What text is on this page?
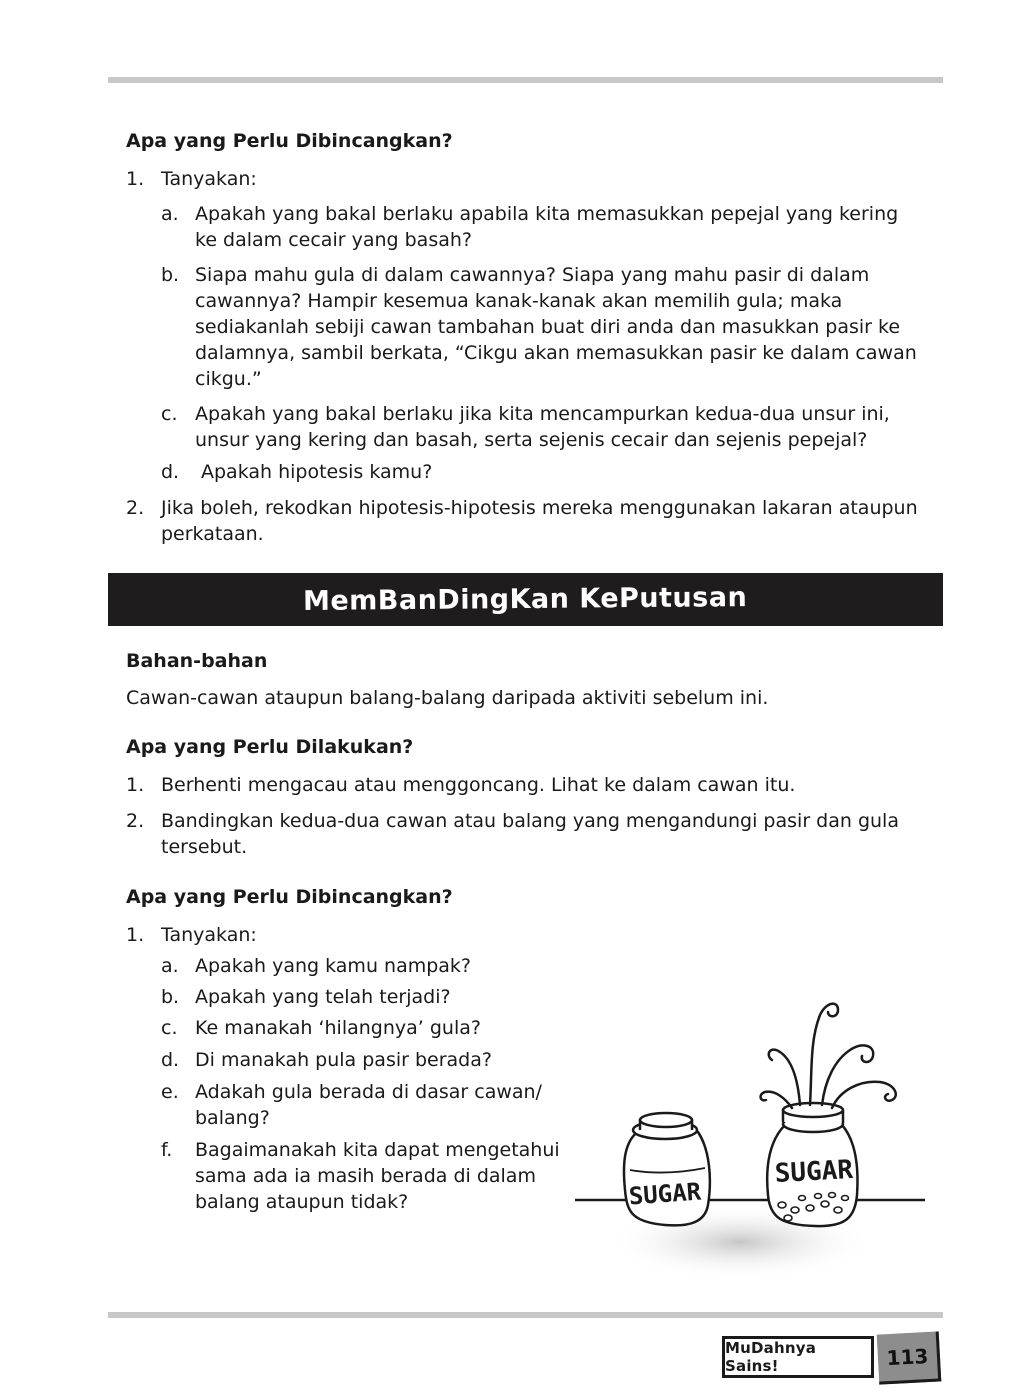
Apa yang Perlu Dibincangkan?
1. Tanyakan:
a. Apakah yang bakal berlaku apabila kita memasukkan pepejal yang kering
ke dalam cecair yang basah?

b. Siapa mahu gula di dalam cawannya? Siapa yang mahu pasir di dalam
cawannya? Hampir kesemua kanak-kanak akan memilih gula; maka
sediakanlah sebiji cawan tambahan buat diri anda dan masukkan pasir ke
dalamnya, sambil berkata, “Cikgu akan memasukkan pasir ke dalam cawan
cikgu.”

c. Apakah yang bakal berlaku jika kita mencampurkan kedua-dua unsur ini,
unsur yang kering dan basah, serta sejenis cecair dan sejenis pepejal?

d. Apakah hipotesis kamu?

2. Jika boleh, rekodkan hipotesis-hipotesis mereka menggunakan lakaran ataupun
perkataan.

MemBanDingKan KePutusan
Bahan-bahan

Cawan-cawan ataupun balang-balang daripada aktiviti sebelum ini.

Apa yang Perlu Dilakukan?
1. Berhenti mengacau atau menggoncang. Lihat ke dalam cawan itu.

2. Bandingkan kedua-dua cawan atau balang yang mengandungi pasir dan gula
tersebut.

Apa yang Perlu Dibincangkan?
1. Tanyakan:
a. Apakah yang kamu nampak?

b. Apakah yang telah terjadi?

c. Ke manakah ‘hilangnya’ gula?

d. Di manakah pula pasir berada?

e. Adakah gula berada di dasar cawan/
balang?

f. Bagaimanakah kita dapat mengetahui
sama ada ia masih berada di dalam
balang ataupun tidak?	SUGAR
SUGAR
MuDahnya Sains!	113
